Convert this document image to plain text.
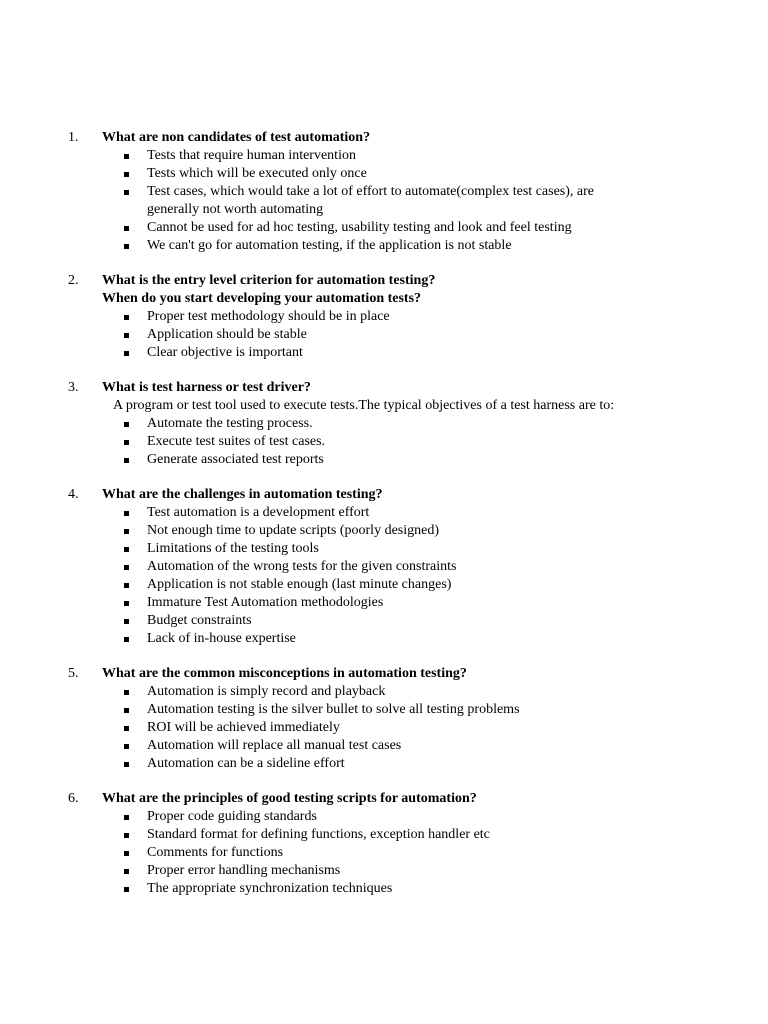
1. What are non candidates of test automation?
Tests that require human intervention
Tests which will be executed only once
Test cases, which would take a lot of effort to automate(complex test cases), are generally not worth automating
Cannot be used for ad hoc testing, usability testing and look and feel testing
We can't go for automation testing, if the application is not stable
2. What is the entry level criterion for automation testing?
When do you start developing your automation tests?
Proper test methodology should be in place
Application should be stable
Clear objective is important
3. What is test harness or test driver?
A program or test tool used to execute tests.The typical objectives of a test harness are to:
Automate the testing process.
Execute test suites of test cases.
Generate associated test reports
4. What are the challenges in automation testing?
Test automation is a development effort
Not enough time to update scripts (poorly designed)
Limitations of the testing tools
Automation of the wrong tests for the given constraints
Application is not stable enough (last minute changes)
Immature Test Automation methodologies
Budget constraints
Lack of in-house expertise
5. What are the common misconceptions in automation testing?
Automation is simply record and playback
Automation testing is the silver bullet to solve all testing problems
ROI will be achieved immediately
Automation will replace all manual test cases
Automation can be a sideline effort
6. What are the principles of good testing scripts for automation?
Proper code guiding standards
Standard format for defining functions, exception handler etc
Comments for functions
Proper error handling mechanisms
The appropriate synchronization techniques
